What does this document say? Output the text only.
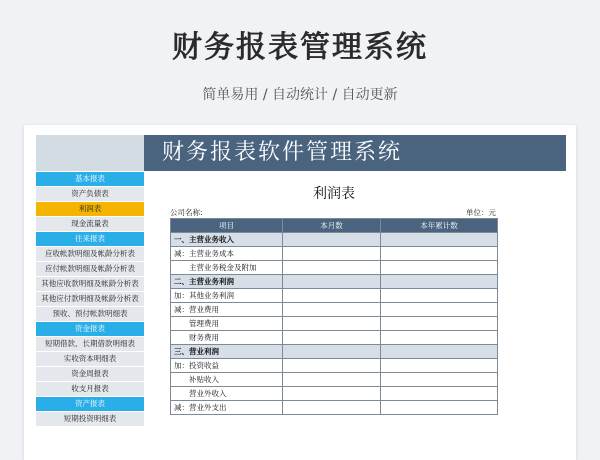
财务报表管理系统
简单易用 / 自动统计 / 自动更新
基本报表
资产负债表
利润表
现金流量表
往来报表
应收帐款明细及帐龄分析表
应付帐款明细及帐龄分析表
其他应收款明细及帐龄分析表
其他应付款明细及帐龄分析表
预收、预付帐款明细表
资金报表
短期借款、长期借款明细表
实收资本明细表
资金周报表
收支月报表
资产报表
短期投资明细表
财务报表软件管理系统
利润表
公司名称:	单位：元
项目	本月数	本年累计数
一、主营业务收入		
减：主营业务成本		
　　主营业务税金及附加		
二、主营业务利润		
加：其他业务利润		
减：营业费用		
　　管理费用		
　　财务费用		
三、营业利润		
加：投资收益		
　　补贴收入		
　　营业外收入		
减：营业外支出		
